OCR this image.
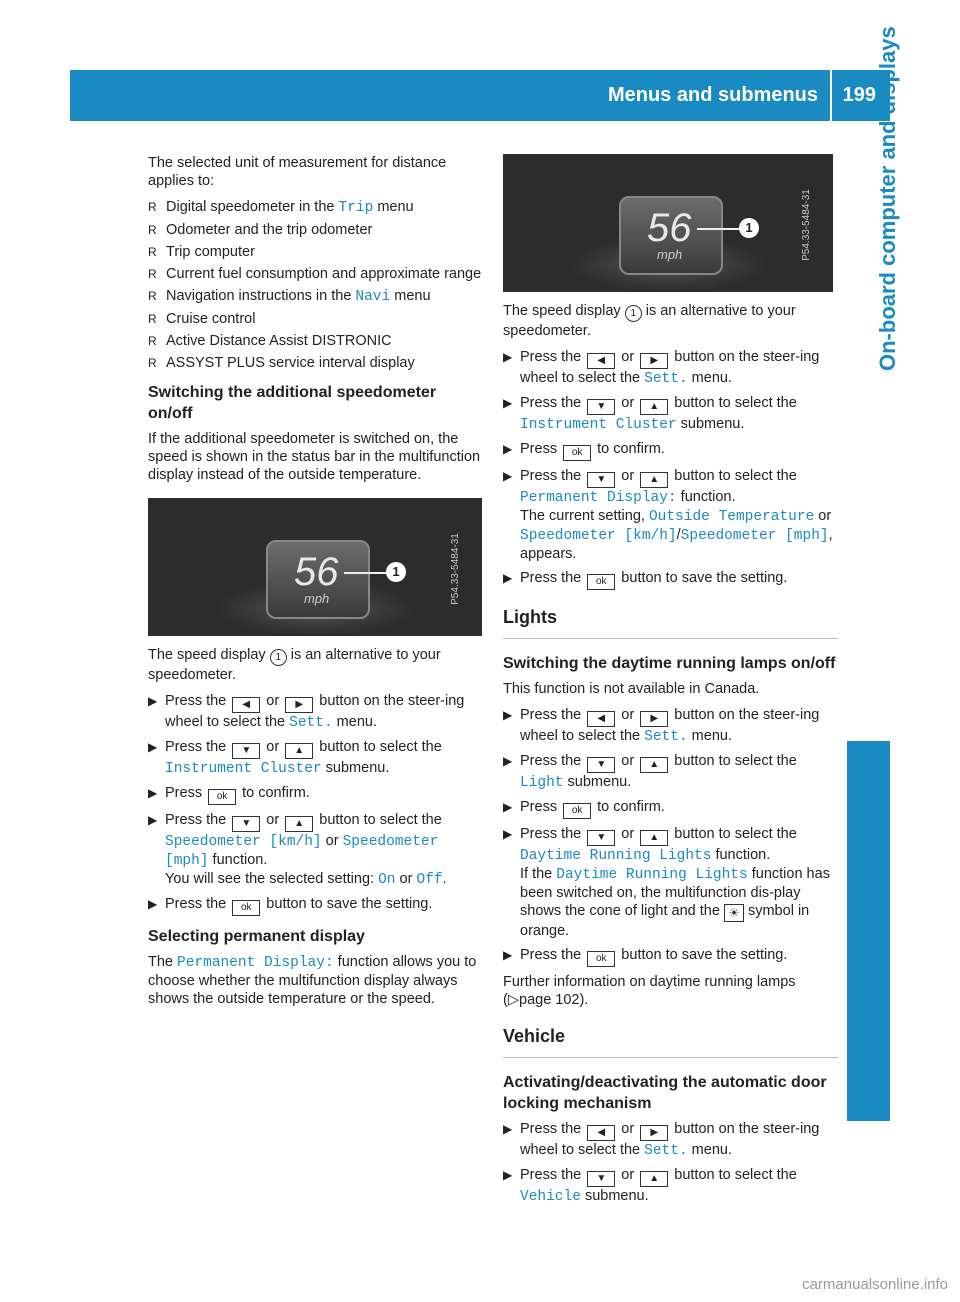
Menus and submenus 199 On-board computer and displays

The selected unit of measurement for distance applies to:

R Digital speedometer in the Trip menu
R Odometer and the trip odometer
R Trip computer
R Current fuel consumption and approximate range
R Navigation instructions in the Navi menu
R Cruise control
R Active Distance Assist DISTRONIC
R ASSYST PLUS service interval display
Switching the additional speedometer on/off

If the additional speedometer is switched on, the speed is shown in the status bar in the multifunction display instead of the outside temperature.

56
mph
1	P54.33-5484-31

The speed display 1 is an alternative to your speedometer.

▶ Press the ◀ or ▶ button on the steer-ing wheel to select the Sett. menu.
▶ Press the ▼ or ▲ button to select the Instrument Cluster submenu.
▶ Press ok to confirm.
▶ Press the ▼ or ▲ button to select the Speedometer [km/h] or Speedometer [mph] function.
You will see the selected setting: On or Off.
▶ Press the ok button to save the setting.
Selecting permanent display

The Permanent Display: function allows you to choose whether the multifunction display always shows the outside temperature or the speed.

56
mph
1	P54.33-5484-31

The speed display 1 is an alternative to your speedometer.

▶ Press the ◀ or ▶ button on the steer-ing wheel to select the Sett. menu.
▶ Press the ▼ or ▲ button to select the Instrument Cluster submenu.
▶ Press ok to confirm.
▶ Press the ▼ or ▲ button to select the Permanent Display: function.
The current setting, Outside Temperature or Speedometer [km/h]/Speedometer [mph], appears.
▶ Press the ok button to save the setting.
Lights
Switching the daytime running lamps on/off

This function is not available in Canada.

▶ Press the ◀ or ▶ button on the steer-ing wheel to select the Sett. menu.
▶ Press the ▼ or ▲ button to select the Light submenu.
▶ Press ok to confirm.
▶ Press the ▼ or ▲ button to select the Daytime Running Lights function.
If the Daytime Running Lights function has been switched on, the multifunction dis-play shows the cone of light and the ☀ symbol in orange.
▶ Press the ok button to save the setting.

Further information on daytime running lamps (▷page 102).

Vehicle
Activating/deactivating the automatic door locking mechanism
▶ Press the ◀ or ▶ button on the steer-ing wheel to select the Sett. menu.
▶ Press the ▼ or ▲ button to select the Vehicle submenu.
carmanualsonline.info
